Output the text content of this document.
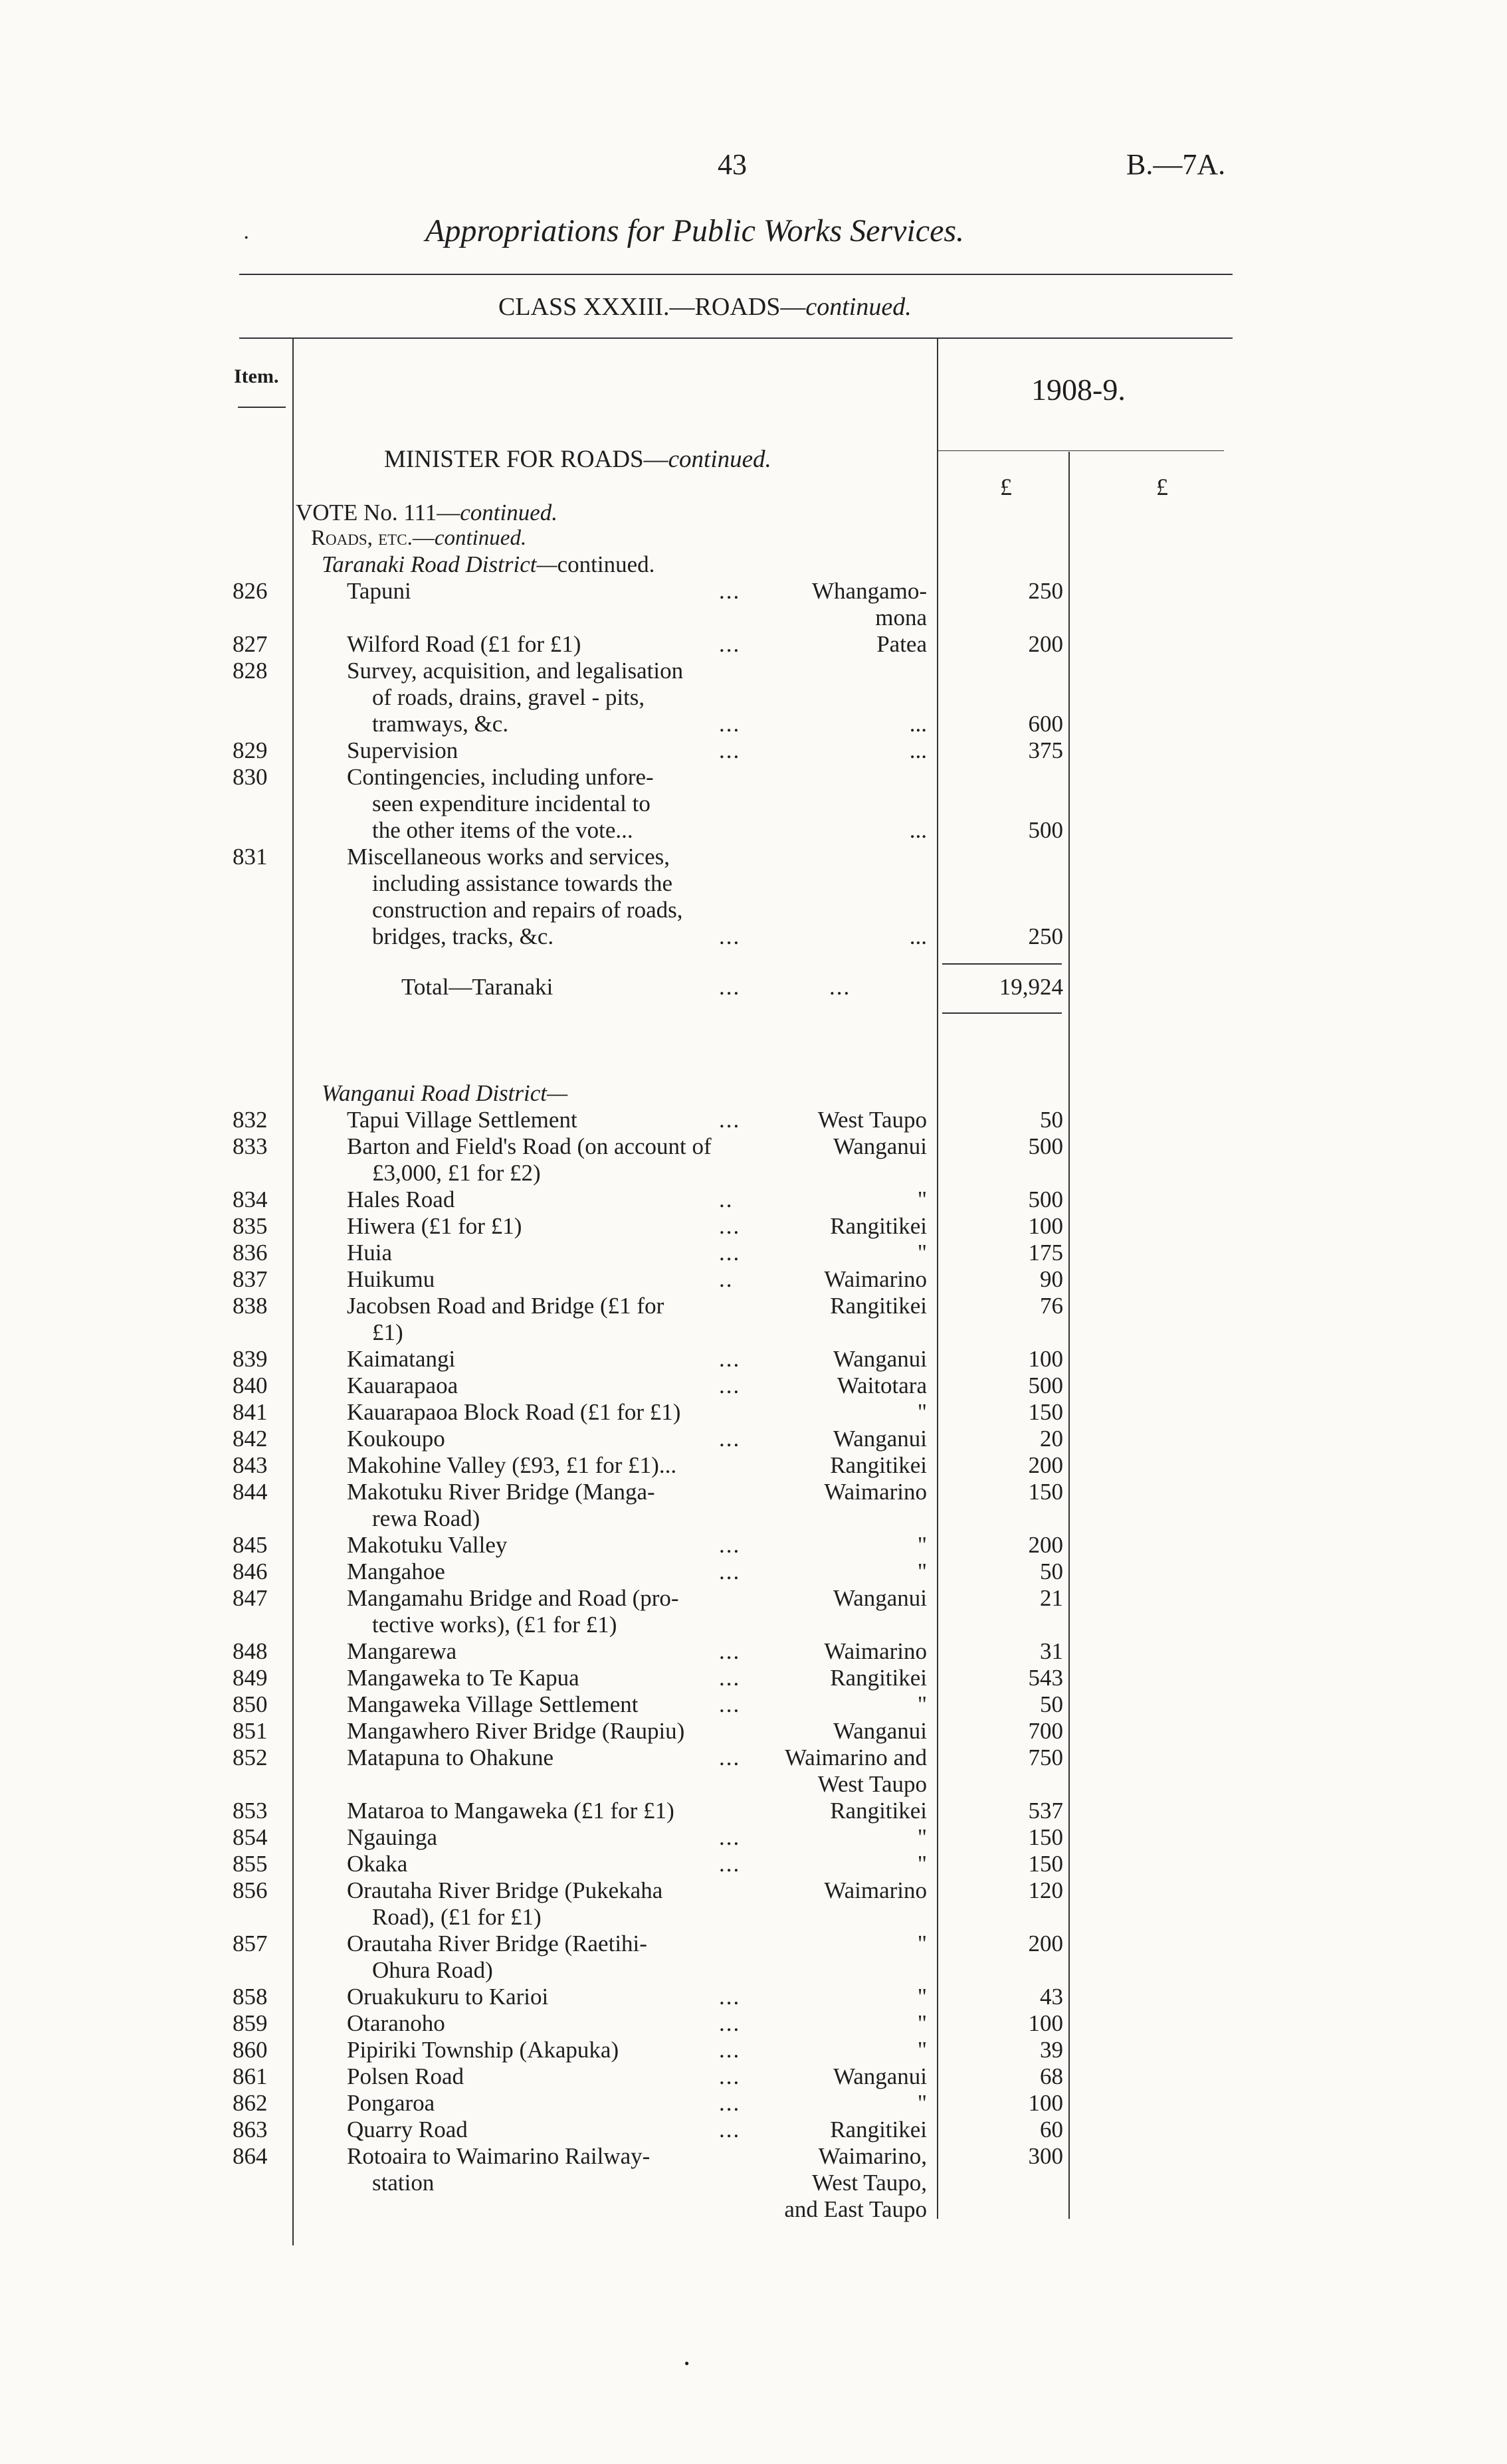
43	B.—7A.
●	Appropriations for Public Works Services.
CLASS XXXIII.—ROADS—continued.
Item.	1908-9.
£	£
MINISTER FOR ROADS—continued.
VOTE No. 111—continued.
Roads, etc.—continued.
Taranaki Road District—continued.
826	Tapuni	...	Whangamo-	250
mona
827	Wilford Road (£1 for £1)	...	Patea	200
828	Survey, acquisition, and legalisation
of roads, drains, gravel - pits,
tramways, &c.	...	...	600
829	Supervision	...	...	375
830	Contingencies, including unfore-
seen expenditure incidental to
the other items of the vote...	...	500
831	Miscellaneous works and services,
including assistance towards the
construction and repairs of roads,
bridges, tracks, &c.	...	...	250
Total—Taranaki	...	...	19,924
Wanganui Road District—
832	Tapui Village Settlement	...	West Taupo	50
833	Barton and Field's Road (on account of	Wanganui	500
£3,000, £1 for £2)
834	Hales Road	..	"	500
835	Hiwera (£1 for £1)	...	Rangitikei	100
836	Huia	...	"	175
837	Huikumu	..	Waimarino	90
838	Jacobsen Road and Bridge (£1 for	Rangitikei	76
£1)
839	Kaimatangi	...	Wanganui	100
840	Kauarapaoa	...	Waitotara	500
841	Kauarapaoa Block Road (£1 for £1)	"	150
842	Koukoupo	...	Wanganui	20
843	Makohine Valley (£93, £1 for £1)...	Rangitikei	200
844	Makotuku River Bridge (Manga-	Waimarino	150
rewa Road)
845	Makotuku Valley	...	"	200
846	Mangahoe	...	"	50
847	Mangamahu Bridge and Road (pro-	Wanganui	21
tective works), (£1 for £1)
848	Mangarewa	...	Waimarino	31
849	Mangaweka to Te Kapua	...	Rangitikei	543
850	Mangaweka Village Settlement	...	"	50
851	Mangawhero River Bridge (Raupiu)	Wanganui	700
852	Matapuna to Ohakune	...	Waimarino and	750
West Taupo
853	Mataroa to Mangaweka (£1 for £1)	Rangitikei	537
854	Ngauinga	...	"	150
855	Okaka	...	"	150
856	Orautaha River Bridge (Pukekaha	Waimarino	120
Road), (£1 for £1)
857	Orautaha River Bridge (Raetihi-	"	200
Ohura Road)
858	Oruakukuru to Karioi	...	"	43
859	Otaranoho	...	"	100
860	Pipiriki Township (Akapuka)	...	"	39
861	Polsen Road	...	Wanganui	68
862	Pongaroa	...	"	100
863	Quarry Road	...	Rangitikei	60
864	Rotoaira to Waimarino Railway-	Waimarino,	300
station	West Taupo,
and East Taupo
●
